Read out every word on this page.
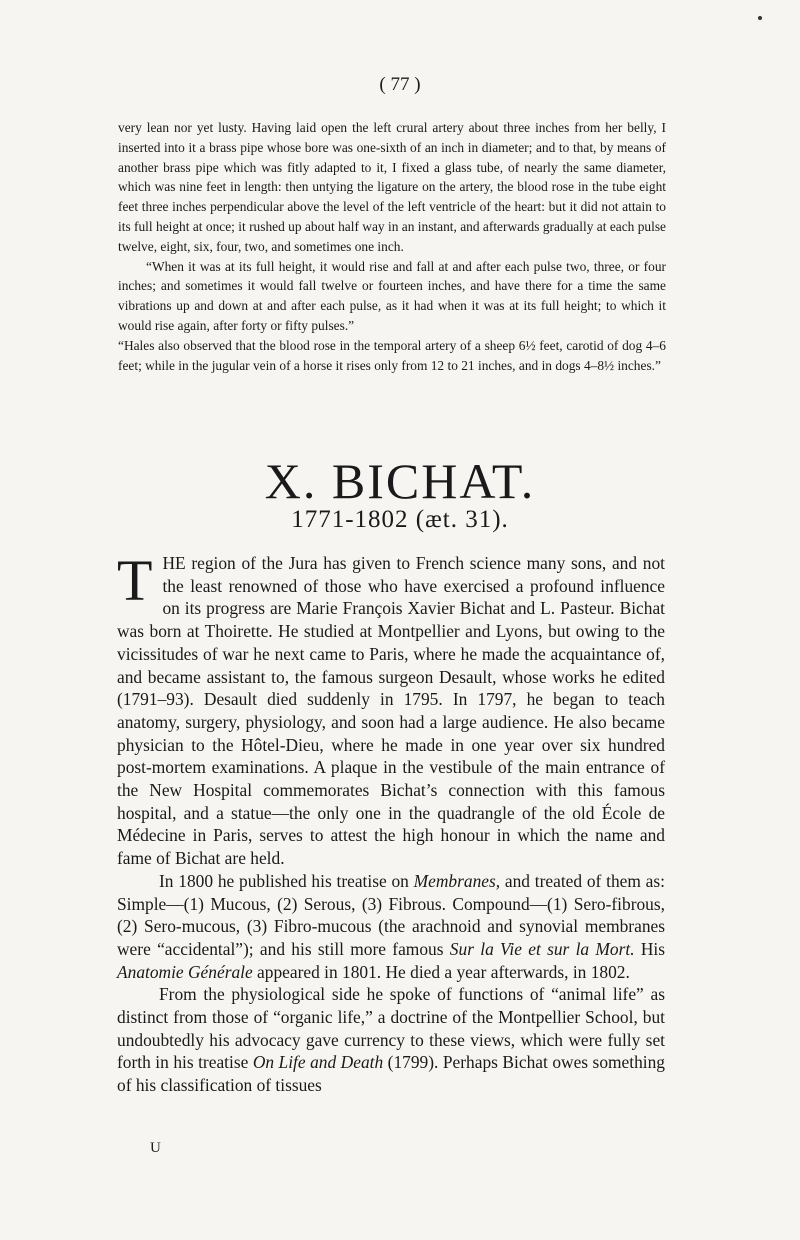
( 77 )

very lean nor yet lusty. Having laid open the left crural artery about three inches from her belly, I inserted into it a brass pipe whose bore was one-sixth of an inch in diameter; and to that, by means of another brass pipe which was fitly adapted to it, I fixed a glass tube, of nearly the same diameter, which was nine feet in length: then untying the ligature on the artery, the blood rose in the tube eight feet three inches perpendicular above the level of the left ventricle of the heart: but it did not attain to its full height at once; it rushed up about half way in an instant, and afterwards gradually at each pulse twelve, eight, six, four, two, and sometimes one inch.

“When it was at its full height, it would rise and fall at and after each pulse two, three, or four inches; and sometimes it would fall twelve or fourteen inches, and have there for a time the same vibrations up and down at and after each pulse, as it had when it was at its full height; to which it would rise again, after forty or fifty pulses.”

“Hales also observed that the blood rose in the temporal artery of a sheep 6½ feet, carotid of dog 4–6 feet; while in the jugular vein of a horse it rises only from 12 to 21 inches, and in dogs 4–8½ inches.”

X. BICHAT.
1771-1802 (æt. 31).

THE region of the Jura has given to French science many sons, and not the least renowned of those who have exercised a profound influence on its progress are Marie François Xavier Bichat and L. Pasteur. Bichat was born at Thoirette. He studied at Montpellier and Lyons, but owing to the vicissitudes of war he next came to Paris, where he made the acquaintance of, and became assistant to, the famous surgeon Desault, whose works he edited (1791–93). Desault died suddenly in 1795. In 1797, he began to teach anatomy, surgery, physiology, and soon had a large audience. He also became physician to the Hôtel-Dieu, where he made in one year over six hundred post-mortem examinations. A plaque in the vestibule of the main entrance of the New Hospital commemorates Bichat’s connection with this famous hospital, and a statue—the only one in the quadrangle of the old École de Médecine in Paris, serves to attest the high honour in which the name and fame of Bichat are held.

In 1800 he published his treatise on Membranes, and treated of them as: Simple—(1) Mucous, (2) Serous, (3) Fibrous. Compound—(1) Sero-fibrous, (2) Sero-mucous, (3) Fibro-mucous (the arachnoid and synovial membranes were “accidental”); and his still more famous Sur la Vie et sur la Mort. His Anatomie Générale appeared in 1801. He died a year afterwards, in 1802.

From the physiological side he spoke of functions of “animal life” as distinct from those of “organic life,” a doctrine of the Montpellier School, but undoubtedly his advocacy gave currency to these views, which were fully set forth in his treatise On Life and Death (1799). Perhaps Bichat owes something of his classification of tissues

U
